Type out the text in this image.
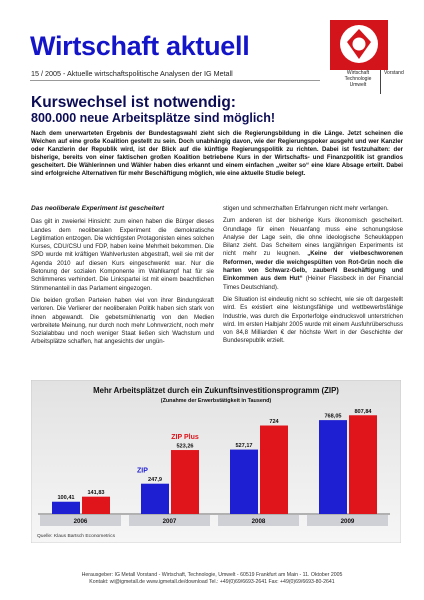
Wirtschaft aktuell
15 / 2005 - Aktuelle wirtschaftspolitische Analysen der IG Metall	Wirtschaft
Technologie
Umwelt
Vorstand
Kurswechsel ist notwendig:
800.000 neue Arbeitsplätze sind möglich!
Nach dem unerwarteten Ergebnis der Bundestagswahl zieht sich die Regierungsbildung in die Länge. Jetzt scheinen die Weichen auf eine große Koalition gestellt zu sein. Doch unabhängig davon, wie der Regierungspoker ausgeht und wer Kanzler oder Kanzlerin der Republik wird, ist der Blick auf die künftige Regierungspolitik zu richten. Dabei ist festzuhalten: der bisherige, bereits von einer faktischen großen Koalition betriebene Kurs in der Wirtschafts- und Finanzpolitik ist grandios gescheitert. Die Wählerinnen und Wähler haben dies erkannt und einem einfachen „weiter so“ eine klare Absage erteilt. Dabei sind erfolgreiche Alternativen für mehr Beschäftigung möglich, wie eine aktuelle Studie belegt.
Das neoliberale Experiment ist gescheitert

Das gilt in zweierlei Hinsicht: zum einen haben die Bürger dieses Landes dem neoliberalen Experiment die demokratische Legitimation entzogen. Die wichtigsten Protagonisten eines solchen Kurses, CDU/CSU und FDP, haben keine Mehrheit bekommen. Die SPD wurde mit kräftigen Wahlverlusten abgestraft, weil sie mit der Agenda 2010 auf diesen Kurs eingeschwenkt war. Nur die Betonung der sozialen Komponente im Wahlkampf hat für sie Schlimmeres verhindert. Die Linkspartei ist mit einem beachtlichen Stimmenanteil in das Parlament eingezogen.

Die beiden großen Parteien haben viel von ihrer Bindungskraft verloren. Die Verlierer der neoliberalen Politik haben sich stark von ihnen abgewandt. Die gebetsmühlenartig von den Medien verbreitete Meinung, nur durch noch mehr Lohnverzicht, noch mehr Sozialabbau und noch weniger Staat ließen sich Wachstum und Arbeitsplätze schaffen, hat angesichts der ungün-

stigen und schmerzhaften Erfahrungen nicht mehr verfangen.

Zum anderen ist der bisherige Kurs ökonomisch gescheitert. Grundlage für einen Neuanfang muss eine schonungslose Analyse der Lage sein, die ohne ideologische Scheuklappen Bilanz zieht. Das Scheitern eines langjährigen Experiments ist nicht mehr zu leugnen. „Keine der vielbeschworenen Reformen, weder die weichgespülten von Rot-Grün noch die harten von Schwarz-Gelb, zauberN Beschäftigung und Einkommen aus dem Hut“ (Heiner Flassbeck in der Financial Times Deutschland).

Die Situation ist eindeutig nicht so schlecht, wie sie oft dargestellt wird. Es existiert eine leistungsfähige und wettbewerbsfähige Industrie, was durch die Exporterfolge eindrucksvoll unterstrichen wird. Im ersten Halbjahr 2005 wurde mit einem Ausfuhrüberschuss von 84,8 Milliarden € der höchste Wert in der Geschichte der Bundesrepublik erzielt.

Mehr Arbeitsplätzet durch ein Zukunftsinvestitionsprogramm (ZIP)
(Zunahme der Erwerbstätigkeit in Tausend)
2006
100,41
141,83
2007
247,9
523,26
2008
527,17
724
2009
768,05
807,84
ZIP
ZIP Plus
Quelle: Klaus Bartsch Econometrics
Herausgeber: IG Metall Vorstand - Wirtschaft, Technologie, Umwelt - 60519 Frankfurt am Main - 11. Oktober 2005
Kontakt: wi@igmetall.de www.igmetall.de/download Tel.: +49(0)69/6693-2641 Fax: +49(0)69/6693-80-2641
